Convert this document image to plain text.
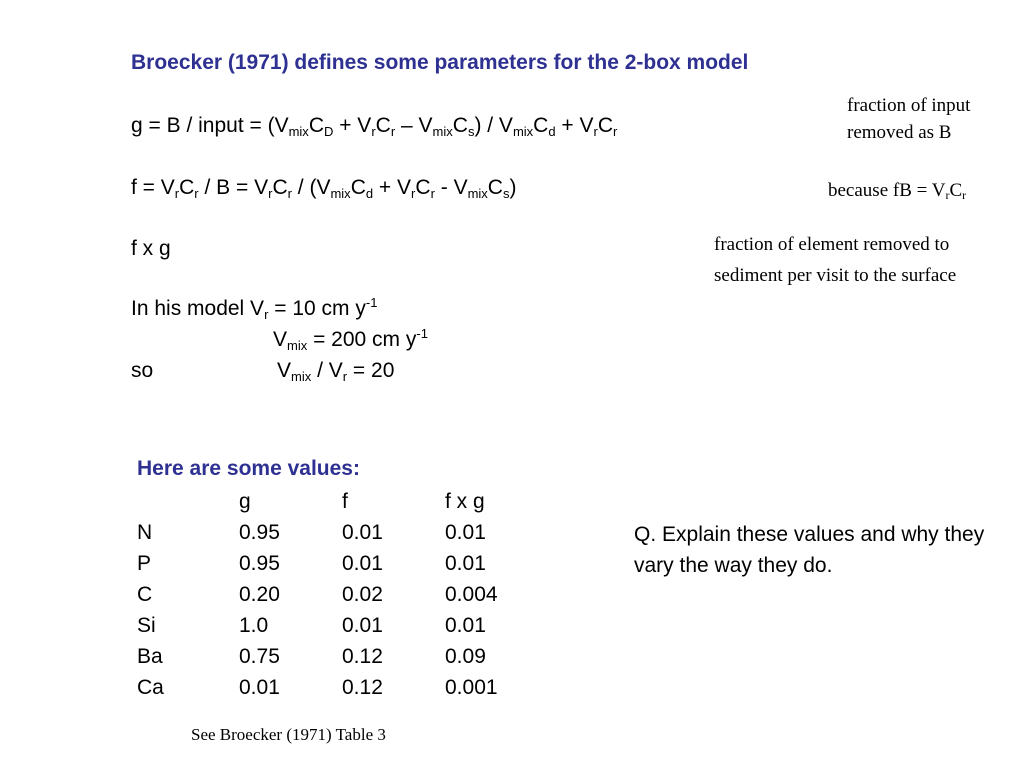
Broecker (1971) defines some parameters for the 2-box model
g = B / input = $(V_{mix}C_D + V_rC_r - V_{mix}C_s) / V_{mix}C_d + V_rC_r$
$f = V_rC_r / B = V_rC_r / (V_{mix}C_d + V_rC_r - V_{mix}C_s)$
f x g
In his model $V_r = 10$ cm $y^{-1}$
$V_{mix} = 200$ cm $y^{-1}$
so	$V_{mix} / V_r = 20$
fraction of input
removed as B
because fB = $V_rC_r$
fraction of element removed to
sediment per visit to the surface
Here are some values:
	g	f	f x g
N	0.95	0.01	0.01
P	0.95	0.01	0.01
C	0.20	0.02	0.004
Si	1.0	0.01	0.01
Ba	0.75	0.12	0.09
Ca	0.01	0.12	0.001
Q. Explain these values and why they vary the way they do.
See Broecker (1971) Table 3
